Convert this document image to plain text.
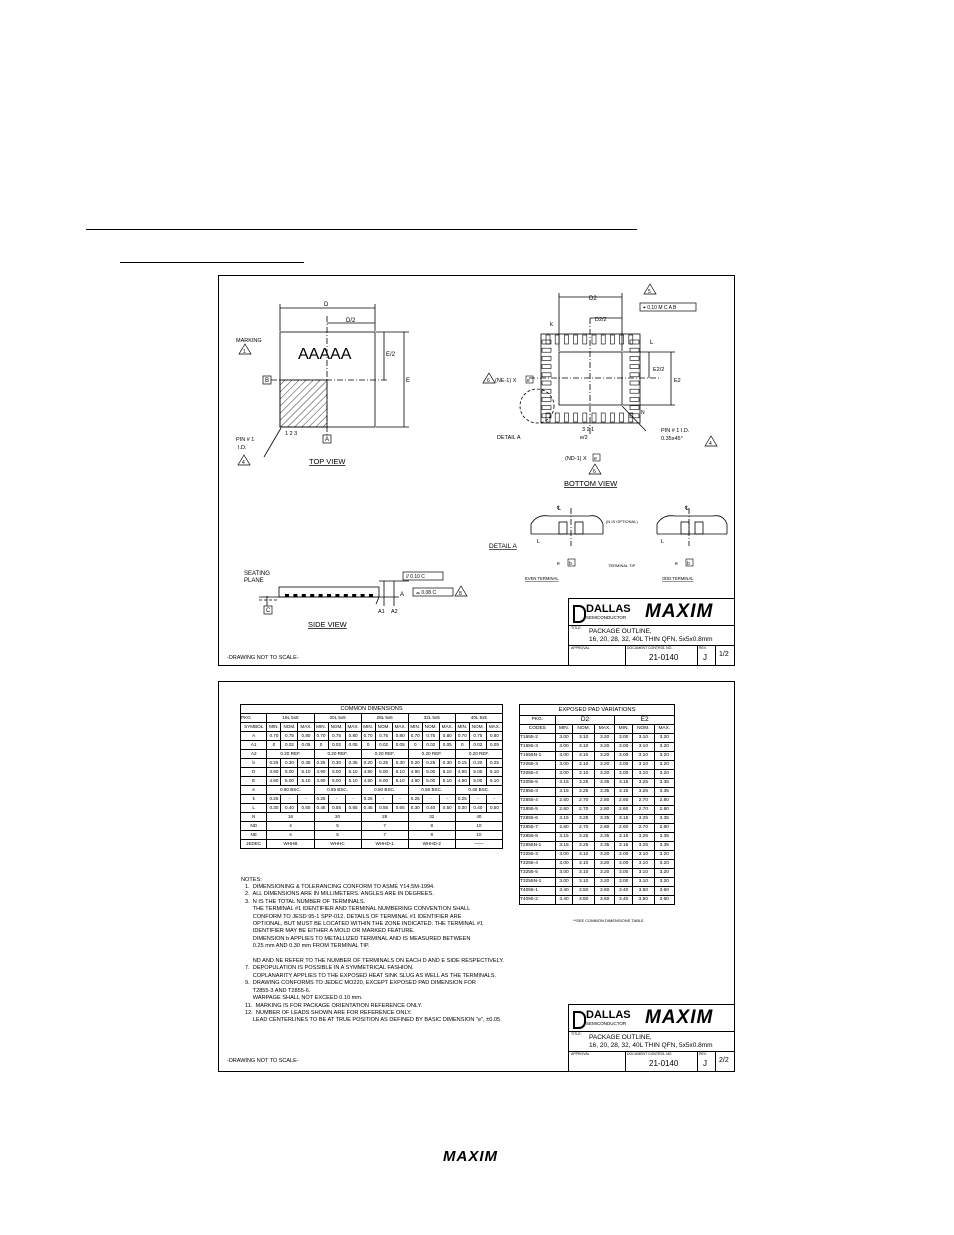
D
D/2
E/2
E
AAAAA
MARKING
1
B
A
1 2 3
PIN # 1
I.D.
4	TOP VIEW
5
⌖ 0.10 M C A B
D2
D2/2
E2/2
E2
k
L
N
(NE-1) X e
6
DETAIL A
3 2 1
e/2
PIN # 1 I.D.
0.35x45°
4
(ND-1) X e
6
BOTTOM VIEW
℄	℄
DETAIL A
(N IS OPTIONAL)
L	L
b	b
e	e
EVEN TERMINAL	ODD TERMINAL
TERMINAL TIP
SEATING
PLANE
C	A1 A2
A
// 0.10 C
⌓ 0.08 C	8
SIDE VIEW
-DRAWING NOT TO SCALE-
DALLAS
SEMICONDUCTOR MAXIM
TITLE: PACKAGE OUTLINE,
16, 20, 28, 32, 40L THIN QFN, 5x5x0.8mm
APPROVAL	DOCUMENT CONTROL NO.
21-0140
REV.
J 1/2
COMMON DIMENSIONS															
PKG.	16L 5x5			20L 5x5			28L 5x5			32L 5x5			40L 5x5		
SYMBOL	MIN.	NOM.	MAX.	MIN.	NOM.	MAX.	MIN.	NOM.	MAX.	MIN.	NOM.	MAX.	MIN.	NOM.	MAX.
A	0.70	0.75	0.80	0.70	0.75	0.80	0.70	0.75	0.80	0.70	0.75	0.80	0.70	0.75	0.80
A1	0	0.02	0.05	0	0.02	0.05	0	0.02	0.05	0	0.02	0.05	0	0.02	0.05
A2	0.20 REF.			0.20 REF.			0.20 REF.			0.20 REF.			0.20 REF.		
b	0.25	0.30	0.35	0.25	0.30	0.35	0.20	0.25	0.30	0.20	0.25	0.30	0.15	0.20	0.25
D	4.90	5.00	5.10	4.90	5.00	5.10	4.90	5.00	5.10	4.90	5.00	5.10	4.90	5.00	5.10
E	4.90	5.00	5.10	4.90	5.00	5.10	4.90	5.00	5.10	4.90	5.00	5.10	4.90	5.00	5.10
e	0.80 BSC.			0.65 BSC.			0.50 BSC.			0.50 BSC.			0.40 BSC.		
k	0.25	-	-	0.25	-	-	0.25	-	-	0.25	-	-	0.25	-	-
L	0.30	0.40	0.50	0.45	0.55	0.65	0.45	0.55	0.65	0.30	0.40	0.50	0.30	0.40	0.50
N	16			20			28			32			40		
ND	4			5			7			8			10		
NE	4			5			7			8			10		
JEDEC	WHHB			WHHC			WHHD-1			WHHD-2			——		
EXPOSED PAD VARIATIONS						
PKG.	D2			E2		
CODES	MIN.	NOM.	MAX.	MIN.	NOM.	MAX.
T1655-2	3.00	3.10	3.20	3.00	3.10	3.20
T1655-3	3.00	3.10	3.20	3.00	3.10	3.20
T1655N-1	3.00	3.10	3.20	3.00	3.10	3.20
T2055-3	3.00	3.10	3.20	3.00	3.10	3.20
T2055-4	3.00	3.10	3.20	3.00	3.10	3.20
T2055-5	3.15	3.25	3.35	3.15	3.25	3.35
T2855-3	3.15	3.25	3.35	3.15	3.25	3.35
T2855-4	2.60	2.70	2.80	2.60	2.70	2.80
T2855-5	2.60	2.70	2.80	2.60	2.70	2.80
T2855-6	3.15	3.25	3.35	3.15	3.25	3.35
T2855-7	2.60	2.70	2.80	2.60	2.70	2.80
T2855-8	3.15	3.25	3.35	3.15	3.25	3.35
T2855N-1	3.15	3.25	3.35	3.15	3.25	3.35
T3255-3	3.00	3.10	3.20	3.00	3.10	3.20
T3255-4	3.00	3.10	3.20	3.00	3.10	3.20
T3255-5	3.00	3.10	3.20	3.00	3.10	3.20
T3255N-1	3.00	3.10	3.20	3.00	3.10	3.20
T4055-1	3.40	3.50	3.60	3.40	3.50	3.60
T4055-2	3.40	3.50	3.60	3.40	3.50	3.60
**SEE COMMON DIMENSIONS TABLE
NOTES:
1.  DIMENSIONING & TOLERANCING CONFORM TO ASME Y14.5M-1994.
2.  ALL DIMENSIONS ARE IN MILLIMETERS. ANGLES ARE IN DEGREES.
3.  N IS THE TOTAL NUMBER OF TERMINALS.
THE TERMINAL #1 IDENTIFIER AND TERMINAL NUMBERING CONVENTION SHALL
CONFORM TO JESD 95-1 SPP-012. DETAILS OF TERMINAL #1 IDENTIFIER ARE
OPTIONAL, BUT MUST BE LOCATED WITHIN THE ZONE INDICATED. THE TERMINAL #1
IDENTIFIER MAY BE EITHER A MOLD OR MARKED FEATURE.
DIMENSION b APPLIES TO METALLIZED TERMINAL AND IS MEASURED BETWEEN
0.25 mm AND 0.30 mm FROM TERMINAL TIP.

ND AND NE REFER TO THE NUMBER OF TERMINALS ON EACH D AND E SIDE RESPECTIVELY.
7.  DEPOPULATION IS POSSIBLE IN A SYMMETRICAL FASHION.
COPLANARITY APPLIES TO THE EXPOSED HEAT SINK SLUG AS WELL AS THE TERMINALS.
9.  DRAWING CONFORMS TO JEDEC MO220, EXCEPT EXPOSED PAD DIMENSION FOR
T2855-3 AND T2855-6.
WARPAGE SHALL NOT EXCEED 0.10 mm.
11.  MARKING IS FOR PACKAGE ORIENTATION REFERENCE ONLY.
12.  NUMBER OF LEADS SHOWN ARE FOR REFERENCE ONLY.
LEAD CENTERLINES TO BE AT TRUE POSITION AS DEFINED BY BASIC DIMENSION "e", ±0.05.
-DRAWING NOT TO SCALE-
DALLAS
SEMICONDUCTOR MAXIM
TITLE: PACKAGE OUTLINE,
16, 20, 28, 32, 40L THIN QFN, 5x5x0.8mm
APPROVAL	DOCUMENT CONTROL NO.
21-0140
REV.
J 2/2
MAXIM
